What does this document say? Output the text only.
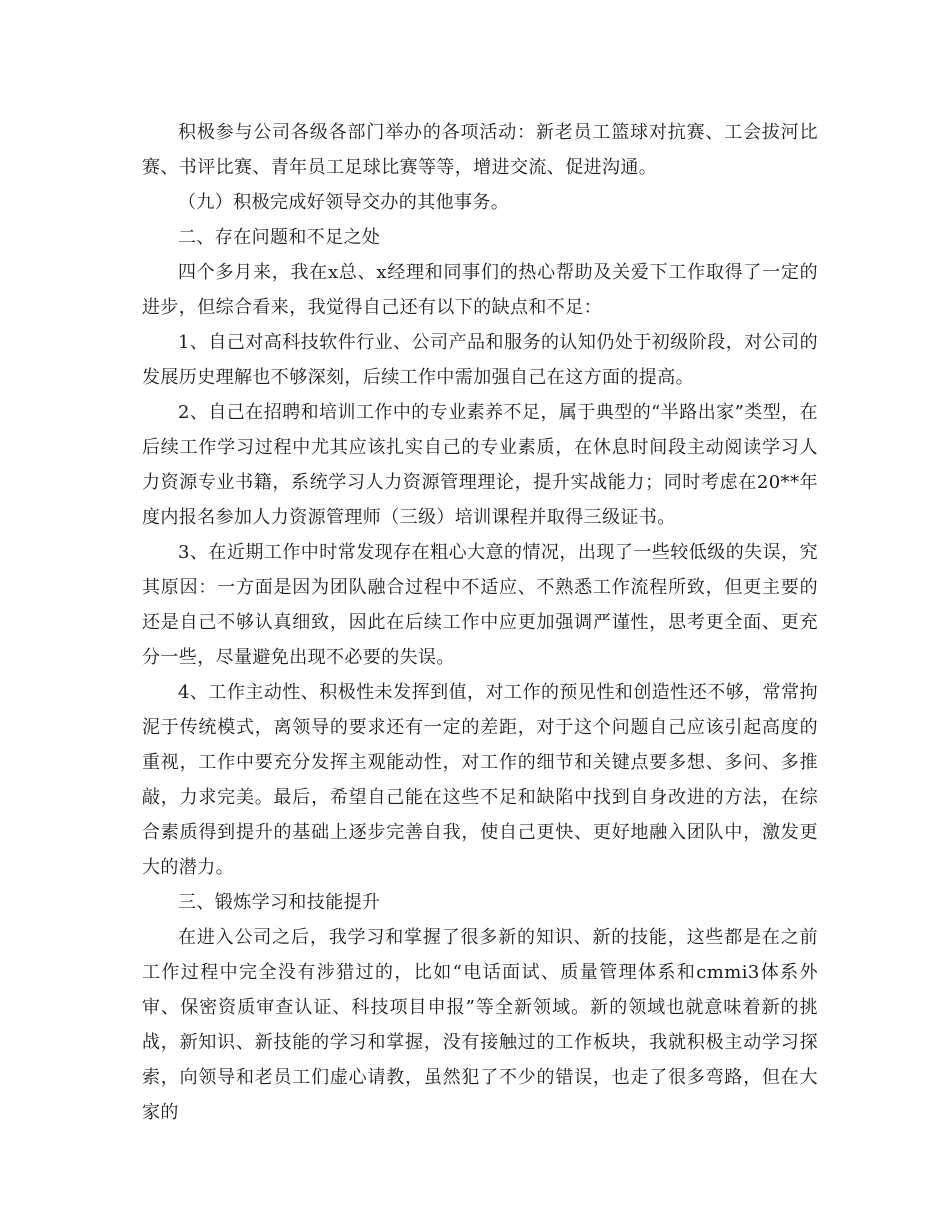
积极参与公司各级各部门举办的各项活动：新老员工篮球对抗赛、工会拔河比赛、书评比赛、青年员工足球比赛等等，增进交流、促进沟通。

（九）积极完成好领导交办的其他事务。

二、存在问题和不足之处

四个多月来，我在x总、x经理和同事们的热心帮助及关爱下工作取得了一定的进步，但综合看来，我觉得自己还有以下的缺点和不足：

1、自己对高科技软件行业、公司产品和服务的认知仍处于初级阶段，对公司的发展历史理解也不够深刻，后续工作中需加强自己在这方面的提高。

2、自己在招聘和培训工作中的专业素养不足，属于典型的“半路出家”类型，在后续工作学习过程中尤其应该扎实自己的专业素质，在休息时间段主动阅读学习人力资源专业书籍，系统学习人力资源管理理论，提升实战能力；同时考虑在20**年度内报名参加人力资源管理师（三级）培训课程并取得三级证书。

3、在近期工作中时常发现存在粗心大意的情况，出现了一些较低级的失误，究其原因：一方面是因为团队融合过程中不适应、不熟悉工作流程所致，但更主要的还是自己不够认真细致，因此在后续工作中应更加强调严谨性，思考更全面、更充分一些，尽量避免出现不必要的失误。

4、工作主动性、积极性未发挥到值，对工作的预见性和创造性还不够，常常拘泥于传统模式，离领导的要求还有一定的差距，对于这个问题自己应该引起高度的重视，工作中要充分发挥主观能动性，对工作的细节和关键点要多想、多问、多推敲，力求完美。最后，希望自己能在这些不足和缺陷中找到自身改进的方法，在综合素质得到提升的基础上逐步完善自我，使自己更快、更好地融入团队中，激发更大的潜力。

三、锻炼学习和技能提升

在进入公司之后，我学习和掌握了很多新的知识、新的技能，这些都是在之前工作过程中完全没有涉猎过的，比如“电话面试、质量管理体系和cmmi3体系外审、保密资质审查认证、科技项目申报”等全新领域。新的领域也就意味着新的挑战，新知识、新技能的学习和掌握，没有接触过的工作板块，我就积极主动学习探索，向领导和老员工们虚心请教，虽然犯了不少的错误，也走了很多弯路，但在大家的
